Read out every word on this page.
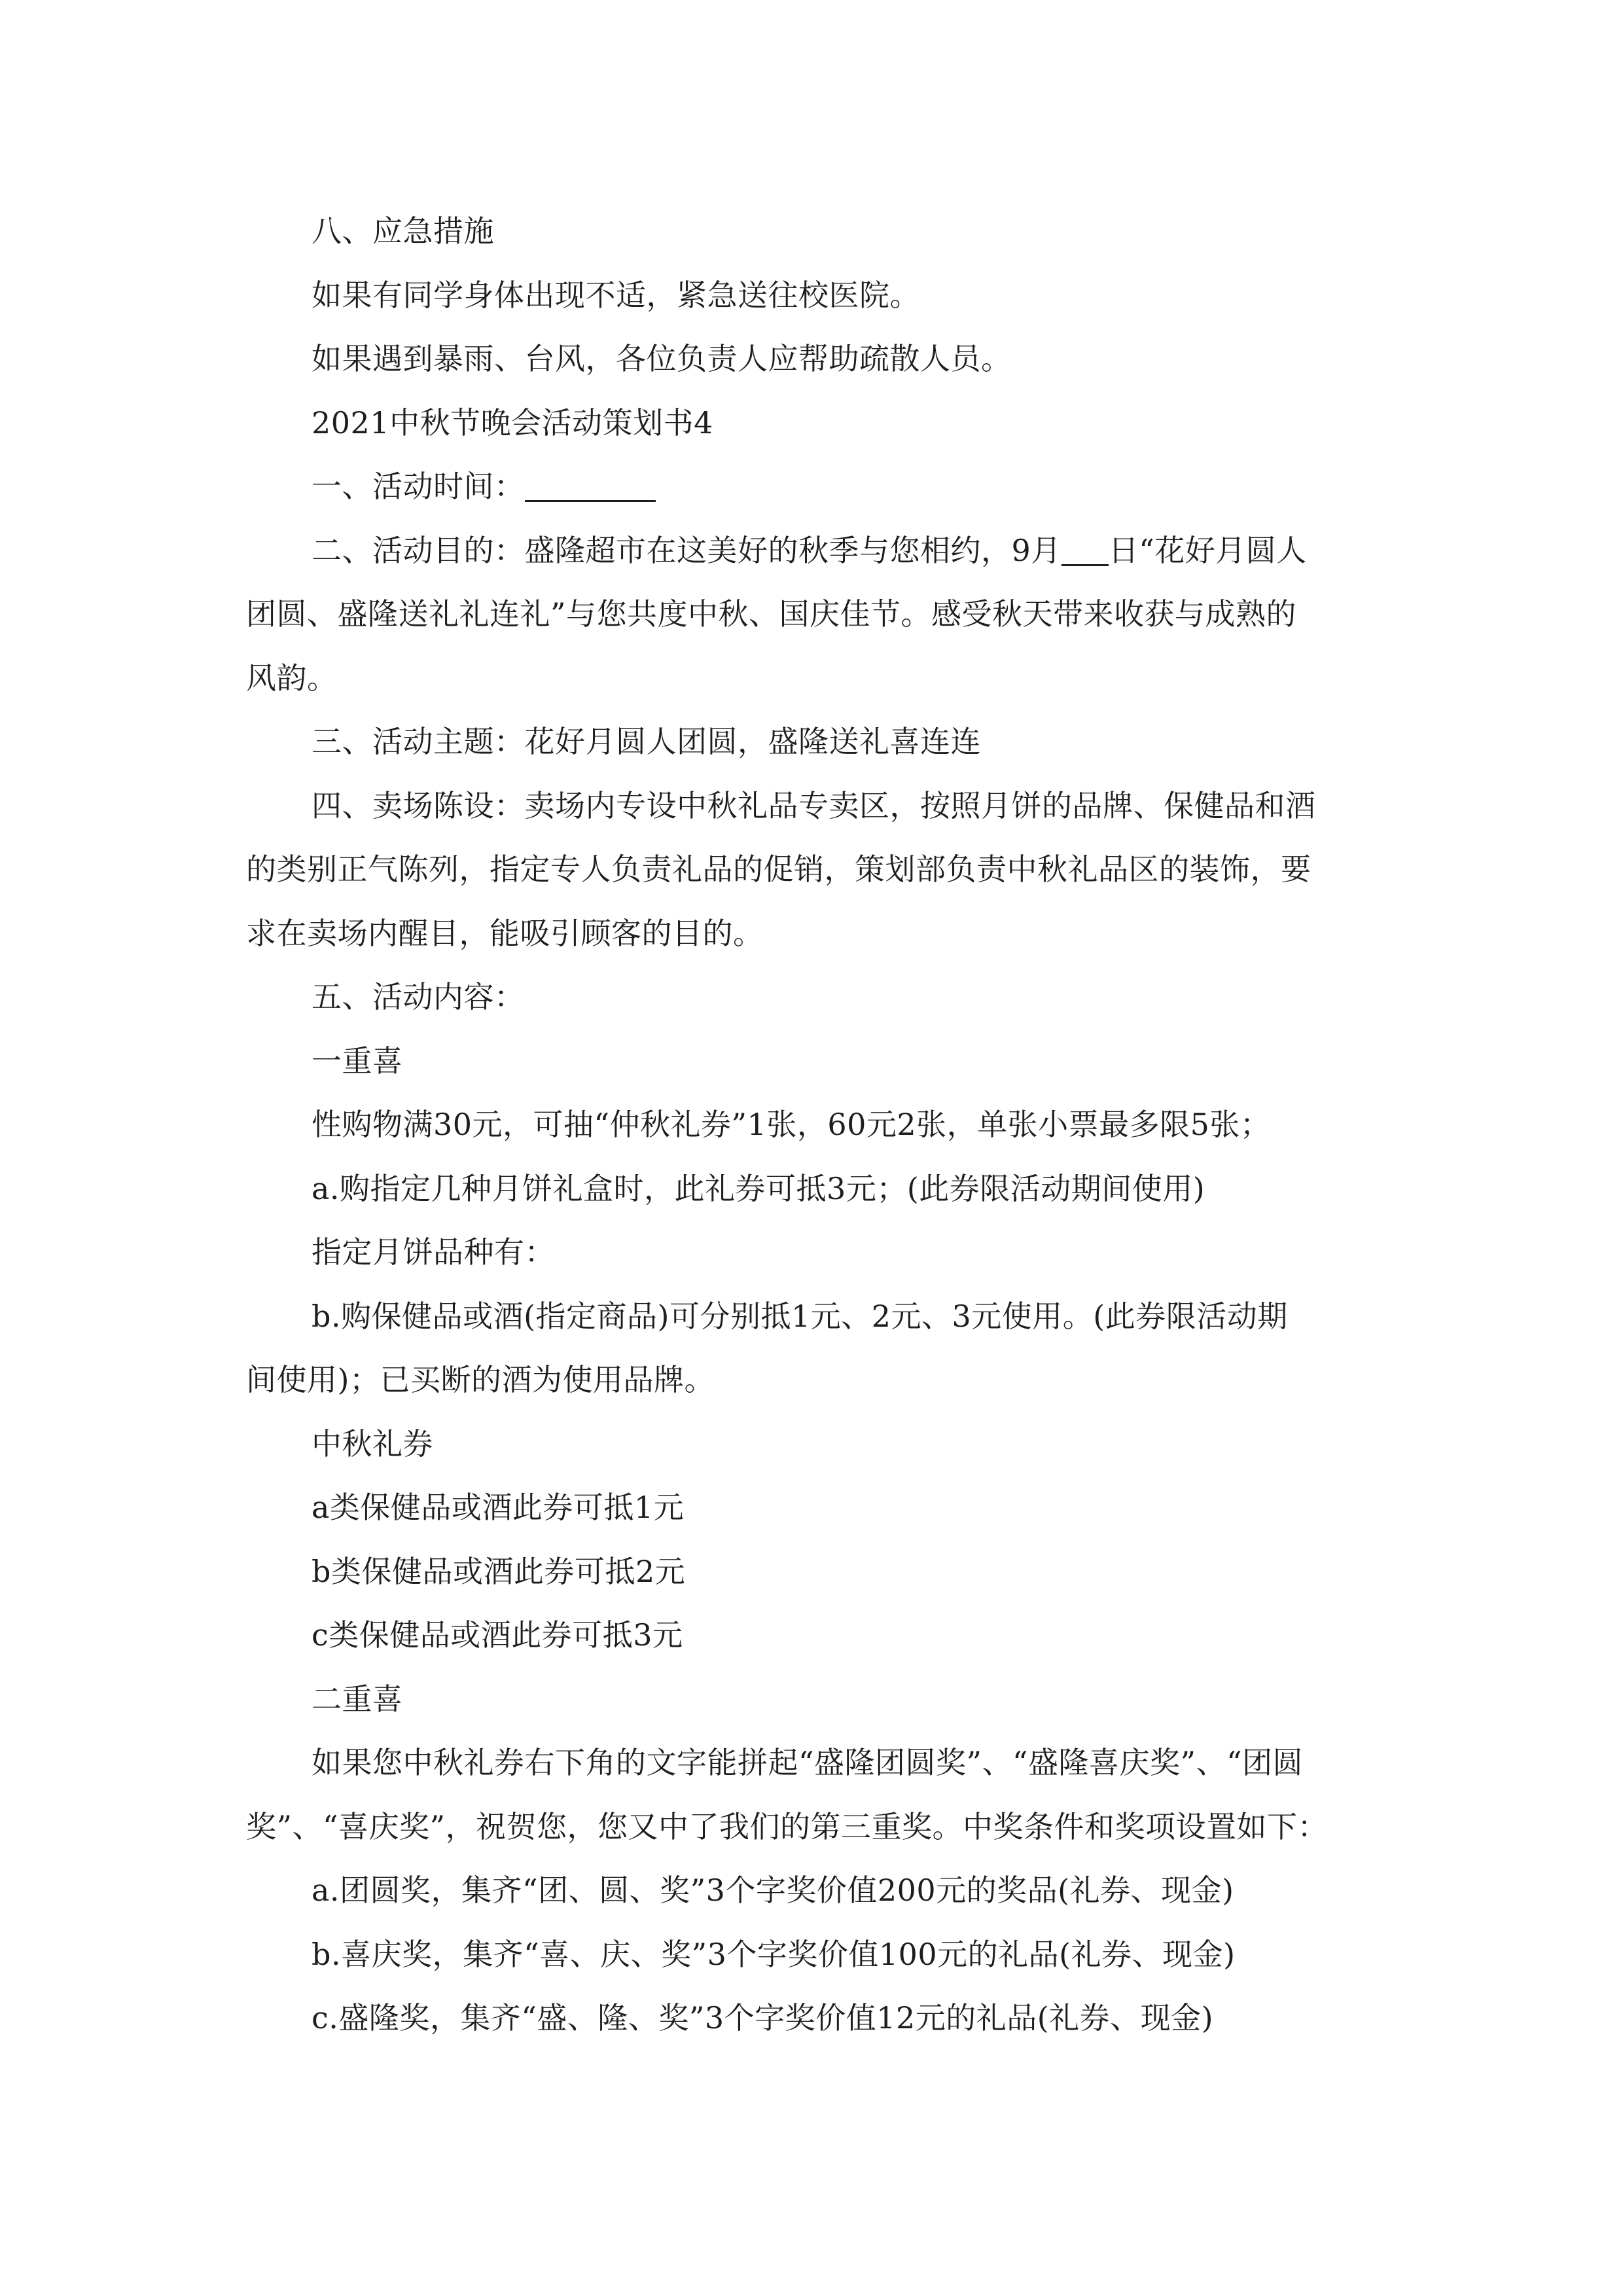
八、应急措施
如果有同学身体出现不适，紧急送往校医院。
如果遇到暴雨、台风，各位负责人应帮助疏散人员。
2021中秋节晚会活动策划书4
一、活动时间：
二、活动目的：盛隆超市在这美好的秋季与您相约，9月 日“花好月圆人
团圆、盛隆送礼礼连礼”与您共度中秋、国庆佳节。感受秋天带来收获与成熟的
风韵。
三、活动主题：花好月圆人团圆，盛隆送礼喜连连
四、卖场陈设：卖场内专设中秋礼品专卖区，按照月饼的品牌、保健品和酒
的类别正气陈列，指定专人负责礼品的促销，策划部负责中秋礼品区的装饰，要
求在卖场内醒目，能吸引顾客的目的。
五、活动内容：
一重喜
性购物满30元，可抽“仲秋礼券”1张，60元2张，单张小票最多限5张；
a.购指定几种月饼礼盒时，此礼券可抵3元；(此券限活动期间使用)
指定月饼品种有：
b.购保健品或酒(指定商品)可分别抵1元、2元、3元使用。(此券限活动期
间使用)；已买断的酒为使用品牌。
中秋礼券
a类保健品或酒此券可抵1元
b类保健品或酒此券可抵2元
c类保健品或酒此券可抵3元
二重喜
如果您中秋礼券右下角的文字能拼起“盛隆团圆奖”、“盛隆喜庆奖”、“团圆
奖”、“喜庆奖”，祝贺您，您又中了我们的第三重奖。中奖条件和奖项设置如下：
a.团圆奖，集齐“团、圆、奖”3个字奖价值200元的奖品(礼券、现金)
b.喜庆奖，集齐“喜、庆、奖”3个字奖价值100元的礼品(礼券、现金)
c.盛隆奖，集齐“盛、隆、奖”3个字奖价值12元的礼品(礼券、现金)
